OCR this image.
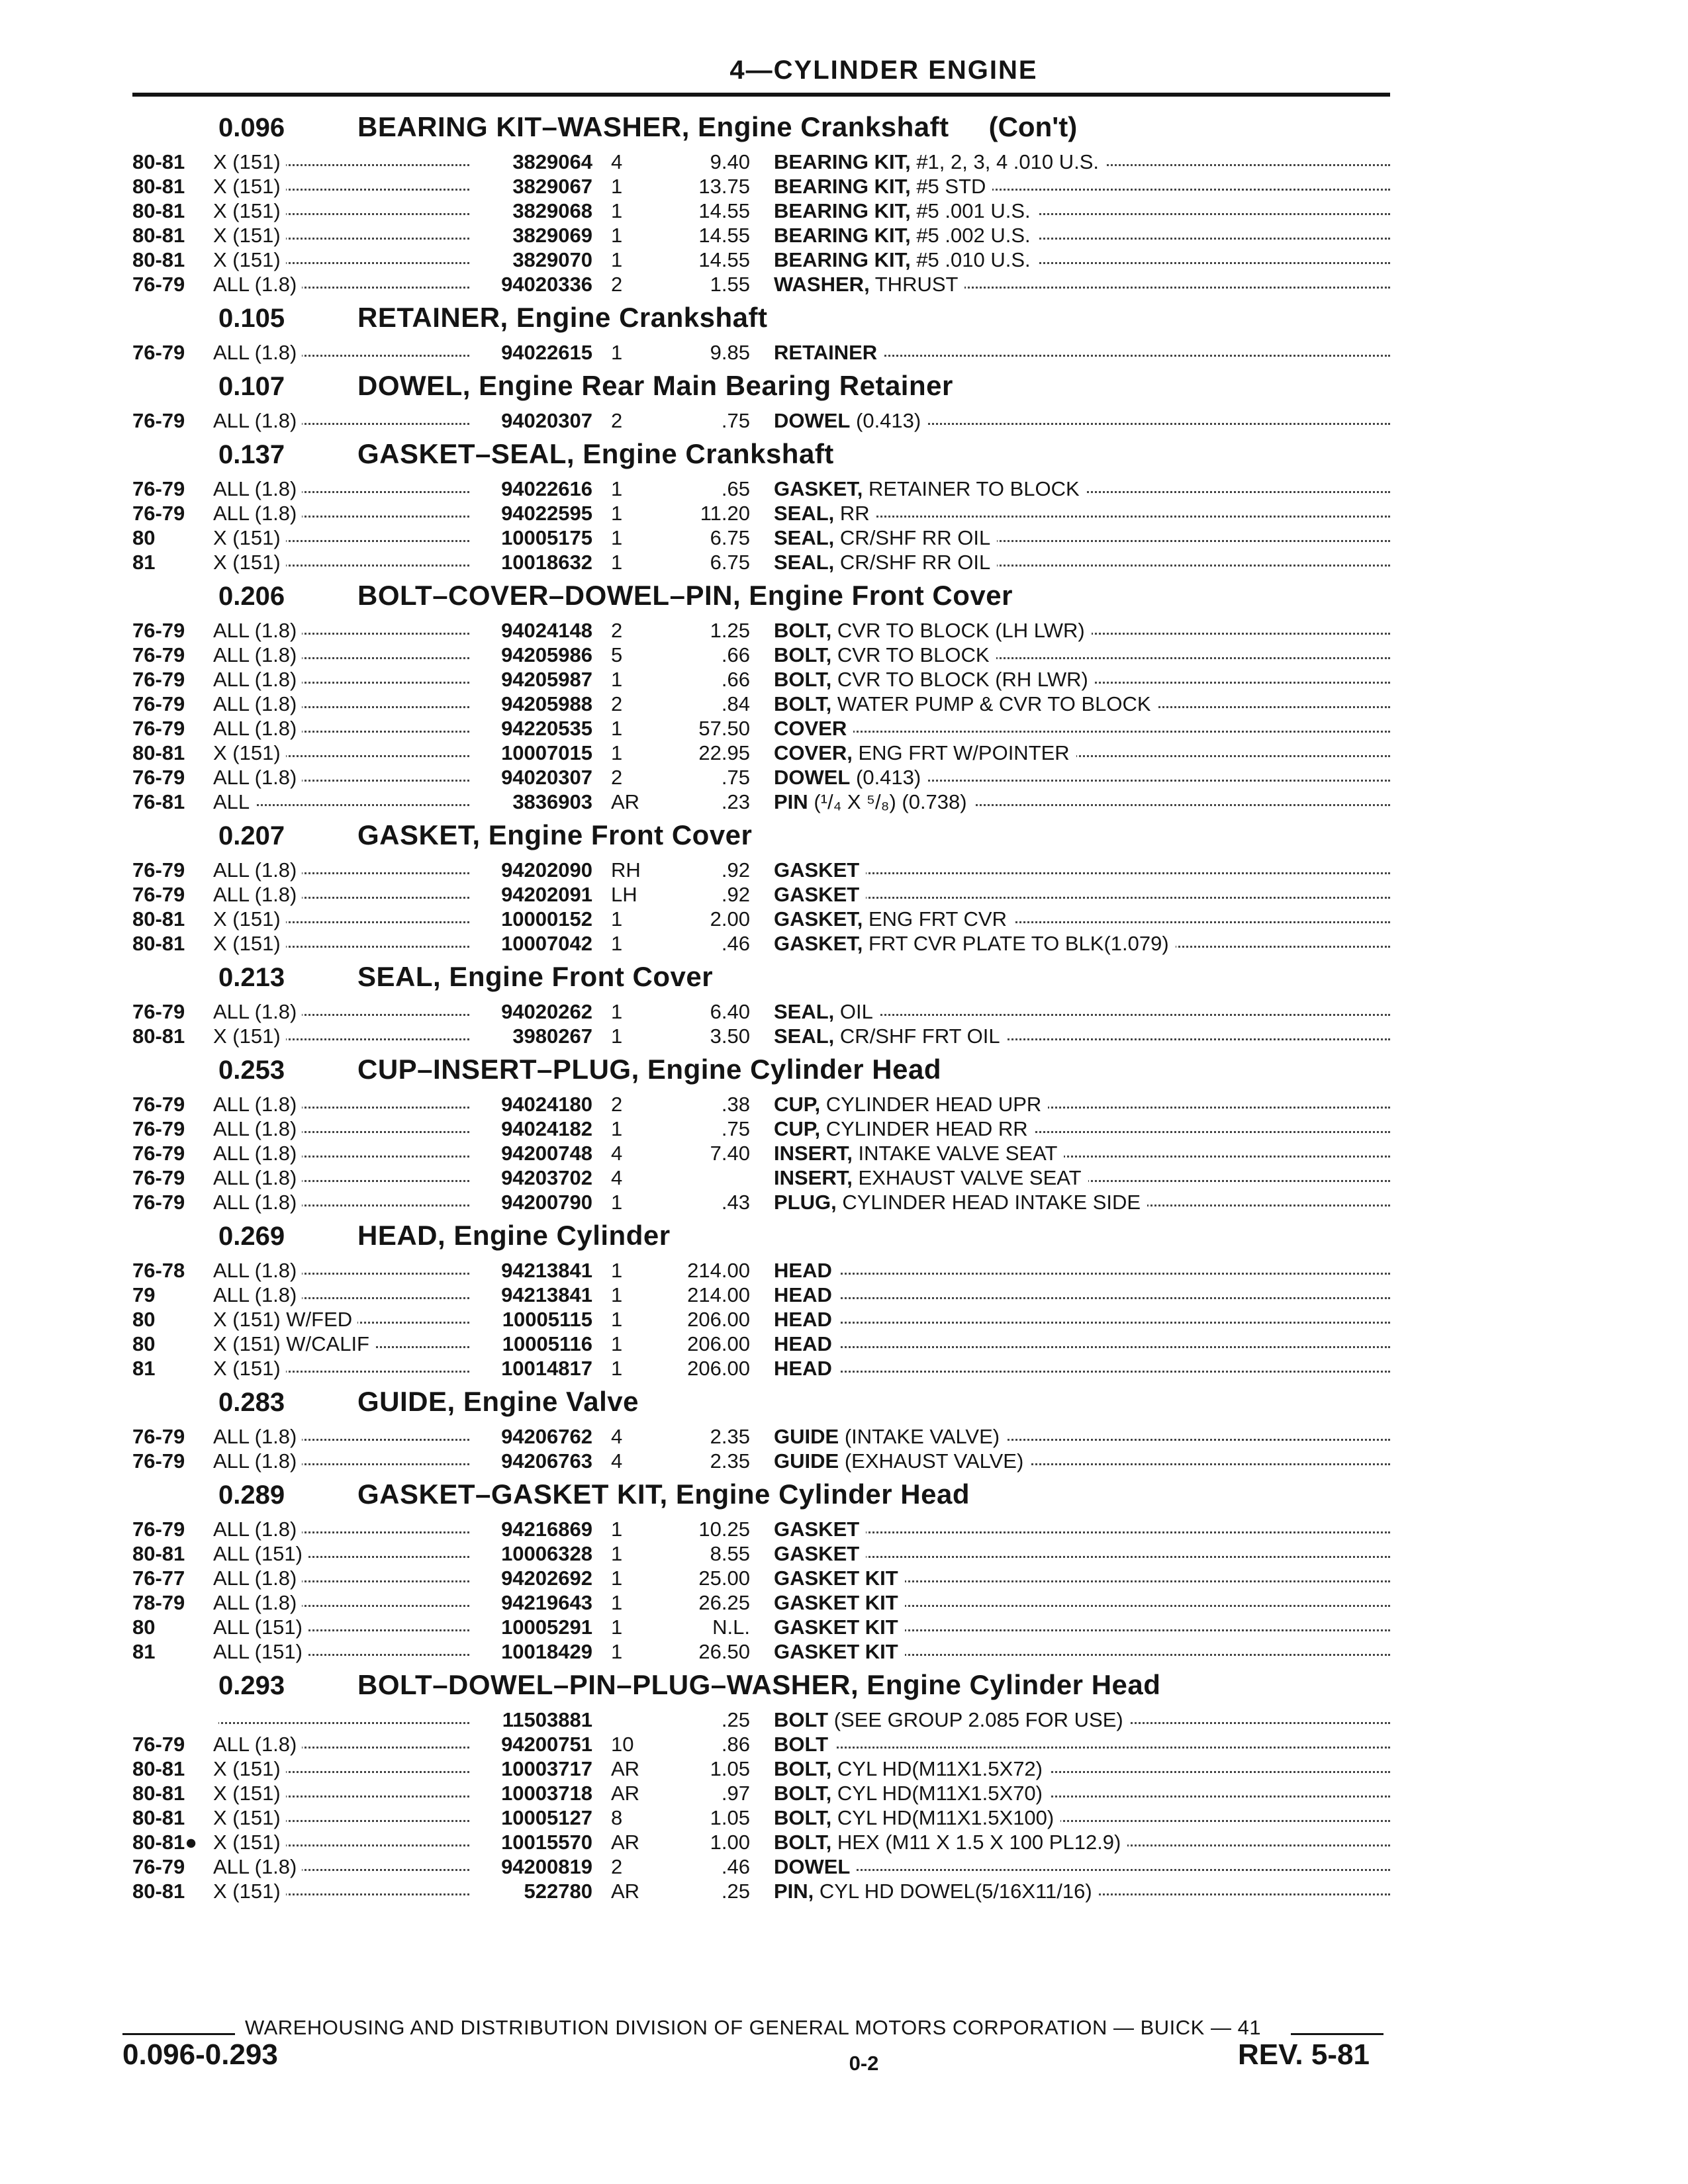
4—CYLINDER ENGINE
0.096	BEARING KIT–WASHER, Engine Crankshaft (Con't)
80-81	X (151)	3829064 4	9.40 BEARING KIT, #1, 2, 3, 4 .010 U.S.
80-81	X (151)	3829067 1	13.75 BEARING KIT, #5 STD
80-81	X (151)	3829068 1	14.55 BEARING KIT, #5 .001 U.S.
80-81	X (151)	3829069 1	14.55 BEARING KIT, #5 .002 U.S.
80-81	X (151)	3829070 1	14.55 BEARING KIT, #5 .010 U.S.
76-79	ALL (1.8)	94020336 2	1.55 WASHER, THRUST
0.105	RETAINER, Engine Crankshaft
76-79	ALL (1.8)	94022615 1	9.85 RETAINER
0.107	DOWEL, Engine Rear Main Bearing Retainer
76-79	ALL (1.8)	94020307 2	.75 DOWEL (0.413)
0.137	GASKET–SEAL, Engine Crankshaft
76-79	ALL (1.8)	94022616 1	.65 GASKET, RETAINER TO BLOCK
76-79	ALL (1.8)	94022595 1	11.20 SEAL, RR
80	X (151)	10005175 1	6.75 SEAL, CR/SHF RR OIL
81	X (151)	10018632 1	6.75 SEAL, CR/SHF RR OIL
0.206	BOLT–COVER–DOWEL–PIN, Engine Front Cover
76-79	ALL (1.8)	94024148 2	1.25 BOLT, CVR TO BLOCK (LH LWR)
76-79	ALL (1.8)	94205986 5	.66 BOLT, CVR TO BLOCK
76-79	ALL (1.8)	94205987 1	.66 BOLT, CVR TO BLOCK (RH LWR)
76-79	ALL (1.8)	94205988 2	.84 BOLT, WATER PUMP & CVR TO BLOCK
76-79	ALL (1.8)	94220535 1	57.50 COVER
80-81	X (151)	10007015 1	22.95 COVER, ENG FRT W/POINTER
76-79	ALL (1.8)	94020307 2	.75 DOWEL (0.413)
76-81	ALL	3836903 AR	.23 PIN (¹/₄ X ⁵/₈) (0.738)
0.207	GASKET, Engine Front Cover
76-79	ALL (1.8)	94202090 RH	.92 GASKET
76-79	ALL (1.8)	94202091 LH	.92 GASKET
80-81	X (151)	10000152 1	2.00 GASKET, ENG FRT CVR
80-81	X (151)	10007042 1	.46 GASKET, FRT CVR PLATE TO BLK(1.079)
0.213	SEAL, Engine Front Cover
76-79	ALL (1.8)	94020262 1	6.40 SEAL, OIL
80-81	X (151)	3980267 1	3.50 SEAL, CR/SHF FRT OIL
0.253	CUP–INSERT–PLUG, Engine Cylinder Head
76-79	ALL (1.8)	94024180 2	.38 CUP, CYLINDER HEAD UPR
76-79	ALL (1.8)	94024182 1	.75 CUP, CYLINDER HEAD RR
76-79	ALL (1.8)	94200748 4	7.40 INSERT, INTAKE VALVE SEAT
76-79	ALL (1.8)	94203702 4	INSERT, EXHAUST VALVE SEAT
76-79	ALL (1.8)	94200790 1	.43 PLUG, CYLINDER HEAD INTAKE SIDE
0.269	HEAD, Engine Cylinder
76-78	ALL (1.8)	94213841 1	214.00 HEAD
79	ALL (1.8)	94213841 1	214.00 HEAD
80	X (151) W/FED	10005115 1	206.00 HEAD
80	X (151) W/CALIF	10005116 1	206.00 HEAD
81	X (151)	10014817 1	206.00 HEAD
0.283	GUIDE, Engine Valve
76-79	ALL (1.8)	94206762 4	2.35 GUIDE (INTAKE VALVE)
76-79	ALL (1.8)	94206763 4	2.35 GUIDE (EXHAUST VALVE)
0.289	GASKET–GASKET KIT, Engine Cylinder Head
76-79	ALL (1.8)	94216869 1	10.25 GASKET
80-81	ALL (151)	10006328 1	8.55 GASKET
76-77	ALL (1.8)	94202692 1	25.00 GASKET KIT
78-79	ALL (1.8)	94219643 1	26.25 GASKET KIT
80	ALL (151)	10005291 1	N.L. GASKET KIT
81	ALL (151)	10018429 1	26.50 GASKET KIT
0.293	BOLT–DOWEL–PIN–PLUG–WASHER, Engine Cylinder Head
11503881	.25 BOLT (SEE GROUP 2.085 FOR USE)
76-79	ALL (1.8)	94200751 10	.86 BOLT
80-81	X (151)	10003717 AR	1.05 BOLT, CYL HD(M11X1.5X72)
80-81	X (151)	10003718 AR	.97 BOLT, CYL HD(M11X1.5X70)
80-81	X (151)	10005127 8	1.05 BOLT, CYL HD(M11X1.5X100)
80-81● X (151)	10015570 AR	1.00 BOLT, HEX (M11 X 1.5 X 100 PL12.9)
76-79	ALL (1.8)	94200819 2	.46 DOWEL
80-81	X (151)	522780 AR	.25 PIN, CYL HD DOWEL(5/16X11/16)
WAREHOUSING AND DISTRIBUTION DIVISION OF GENERAL MOTORS CORPORATION — BUICK — 41
0.096-0.293	0-2	REV. 5-81
